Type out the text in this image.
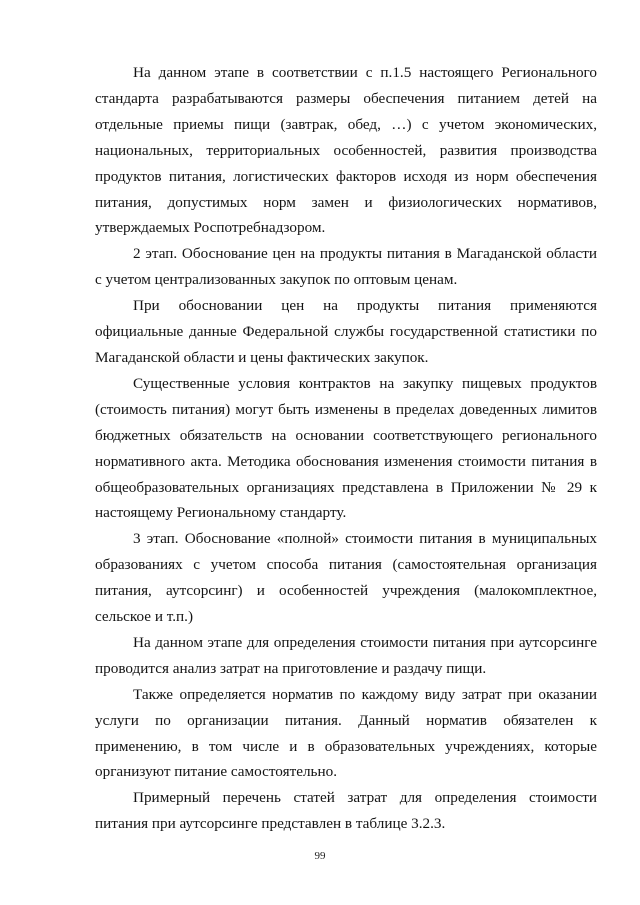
На данном этапе в соответствии с п.1.5 настоящего Регионального стандарта разрабатываются размеры обеспечения питанием детей на отдельные приемы пищи (завтрак, обед, …) с учетом экономических, национальных, территориальных особенностей, развития производства продуктов питания, логистических факторов исходя из норм обеспечения питания, допустимых норм замен и физиологических нормативов, утверждаемых Роспотребнадзором.

2 этап. Обоснование цен на продукты питания в Магаданской области с учетом централизованных закупок по оптовым ценам.

При обосновании цен на продукты питания применяются официальные данные Федеральной службы государственной статистики по Магаданской области и цены фактических закупок.

Существенные условия контрактов на закупку пищевых продуктов (стоимость питания) могут быть изменены в пределах доведенных лимитов бюджетных обязательств на основании соответствующего регионального нормативного акта. Методика обоснования изменения стоимости питания в общеобразовательных организациях представлена в Приложении № 29 к настоящему Региональному стандарту.

3 этап. Обоснование «полной» стоимости питания в муниципальных образованиях с учетом способа питания (самостоятельная организация питания, аутсорсинг) и особенностей учреждения (малокомплектное, сельское и т.п.)

На данном этапе для определения стоимости питания при аутсорсинге проводится анализ затрат на приготовление и раздачу пищи.

Также определяется норматив по каждому виду затрат при оказании услуги по организации питания. Данный норматив обязателен к применению, в том числе и в образовательных учреждениях, которые организуют питание самостоятельно.

Примерный перечень статей затрат для определения стоимости питания при аутсорсинге представлен в таблице 3.2.3.

99
